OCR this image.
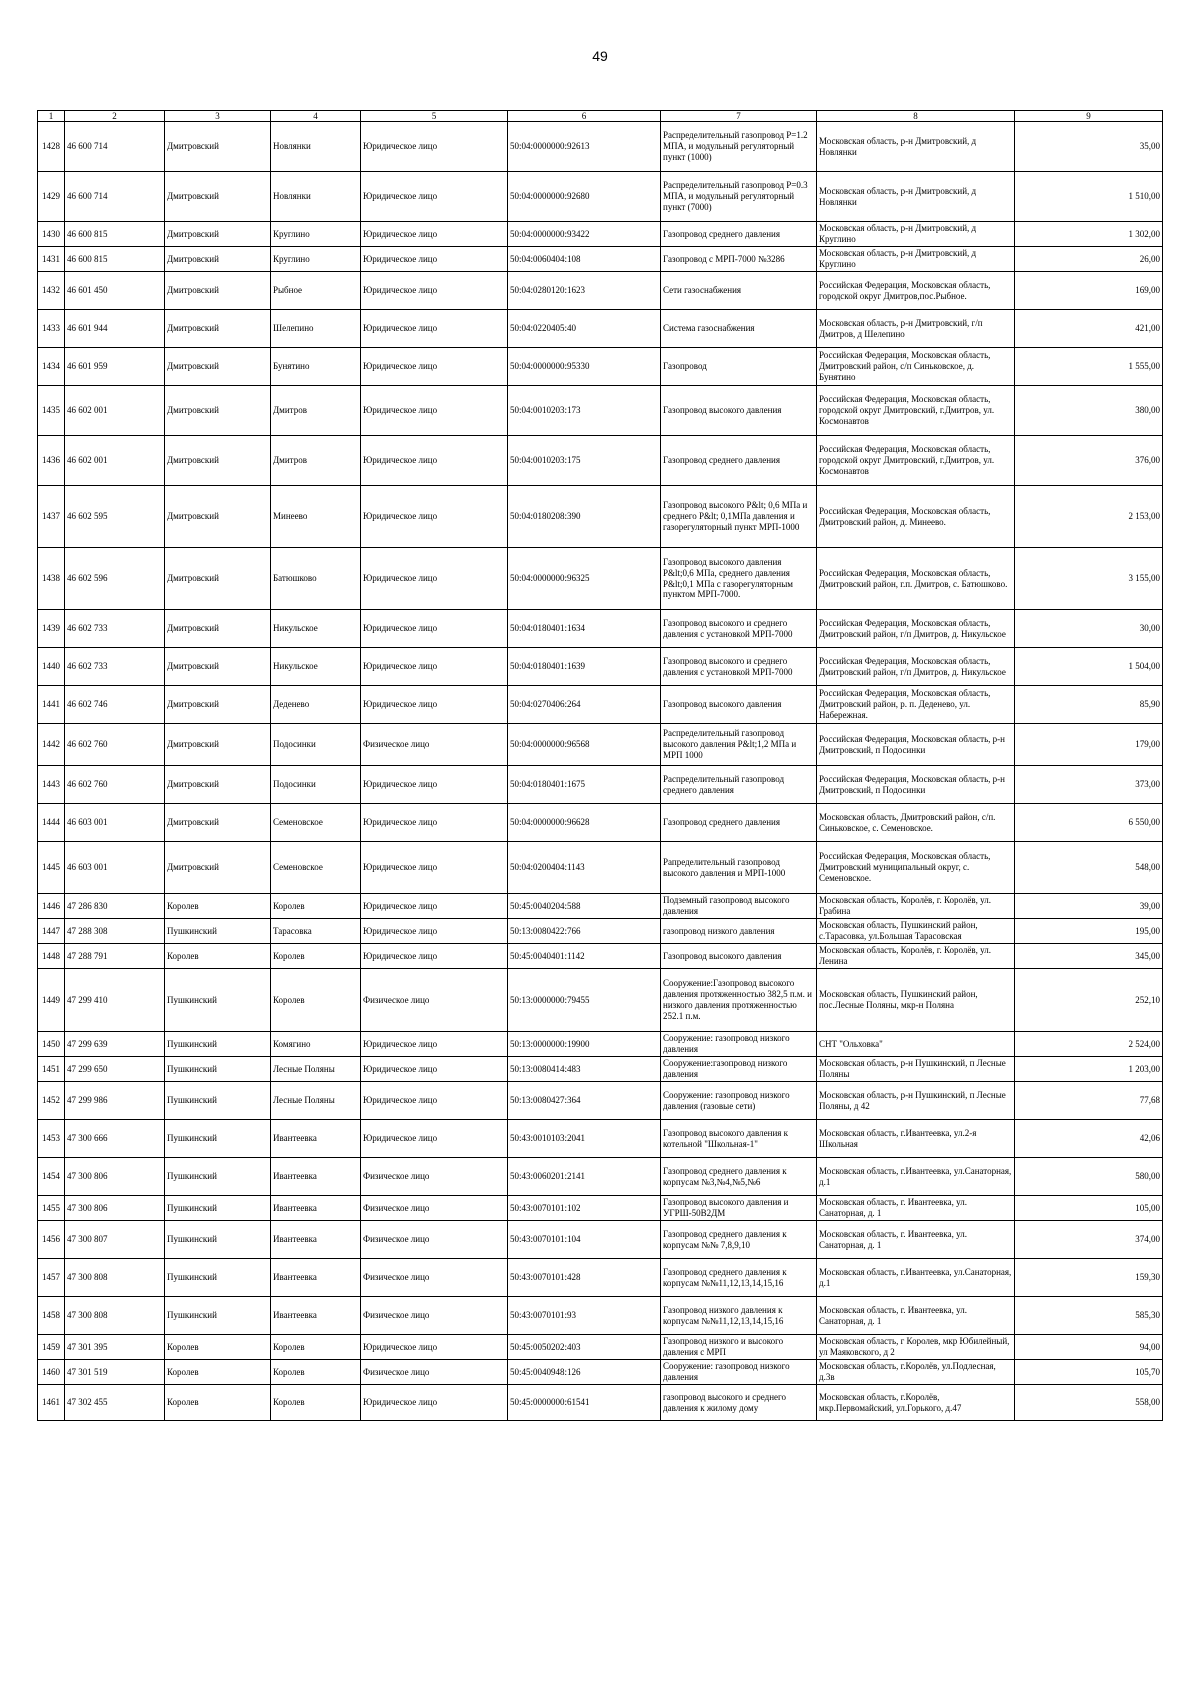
49
1	2	3	4	5	6	7	8	9
1428	46 600 714	Дмитровский	Новлянки	Юридическое лицо	50:04:0000000:92613	Распределительный газопровод Р=1.2 МПА, и модульный регуляторный пункт (1000)	Московская область, р-н Дмитровский, д Новлянки	35,00
1429	46 600 714	Дмитровский	Новлянки	Юридическое лицо	50:04:0000000:92680	Распределительный газопровод Р=0.3 МПА, и модульный регуляторный пункт (7000)	Московская область, р-н Дмитровский, д Новлянки	1 510,00
1430	46 600 815	Дмитровский	Круглино	Юридическое лицо	50:04:0000000:93422	Газопровод среднего давления	Московская область, р-н Дмитровский, д Круглино	1 302,00
1431	46 600 815	Дмитровский	Круглино	Юридическое лицо	50:04:0060404:108	Газопровод с МРП-7000 №3286	Московская область, р-н Дмитровский, д Круглино	26,00
1432	46 601 450	Дмитровский	Рыбное	Юридическое лицо	50:04:0280120:1623	Сети газоснабжения	Российская Федерация, Московская область, городской округ Дмитров,пос.Рыбное.	169,00
1433	46 601 944	Дмитровский	Шелепино	Юридическое лицо	50:04:0220405:40	Система газоснабжения	Московская область, р-н Дмитровский, г/п Дмитров, д Шелепино	421,00
1434	46 601 959	Дмитровский	Бунятино	Юридическое лицо	50:04:0000000:95330	Газопровод	Российская Федерация, Московская область, Дмитровский район, с/п Синьковское, д. Бунятино	1 555,00
1435	46 602 001	Дмитровский	Дмитров	Юридическое лицо	50:04:0010203:173	Газопровод высокого давления	Российская Федерация, Московская область, городской округ Дмитровский, г.Дмитров, ул. Космонавтов	380,00
1436	46 602 001	Дмитровский	Дмитров	Юридическое лицо	50:04:0010203:175	Газопровод среднего давления	Российская Федерация, Московская область, городской округ Дмитровский, г.Дмитров, ул. Космонавтов	376,00
1437	46 602 595	Дмитровский	Минеево	Юридическое лицо	50:04:0180208:390	Газопровод высокого P&lt; 0,6 МПа и среднего P&lt; 0,1МПа давления и газорегуляторный пункт МРП-1000	Российская Федерация, Московская область, Дмитровский район, д. Минеево.	2 153,00
1438	46 602 596	Дмитровский	Батюшково	Юридическое лицо	50:04:0000000:96325	Газопровод высокого давления P&lt;0,6 МПа, среднего давления P&lt;0,1 МПа с газорегуляторным пунктом МРП-7000.	Российская Федерация, Московская область, Дмитровский район, г.п. Дмитров, с. Батюшково.	3 155,00
1439	46 602 733	Дмитровский	Никульское	Юридическое лицо	50:04:0180401:1634	Газопровод высокого и среднего давления с установкой МРП-7000	Российская Федерация, Московская область, Дмитровский район, г/п Дмитров, д. Никульское	30,00
1440	46 602 733	Дмитровский	Никульское	Юридическое лицо	50:04:0180401:1639	Газопровод высокого и среднего давления с установкой МРП-7000	Российская Федерация, Московская область, Дмитровский район, г/п Дмитров, д. Никульское	1 504,00
1441	46 602 746	Дмитровский	Деденево	Юридическое лицо	50:04:0270406:264	Газопровод высокого давления	Российская Федерация, Московская область, Дмитровский район, р. п. Деденево, ул. Набережная.	85,90
1442	46 602 760	Дмитровский	Подосинки	Физическое лицо	50:04:0000000:96568	Распределительный газопровод высокого давления P&lt;1,2 МПа и МРП 1000	Российская Федерация, Московская область, р-н Дмитровский, п Подосинки	179,00
1443	46 602 760	Дмитровский	Подосинки	Юридическое лицо	50:04:0180401:1675	Распределительный газопровод среднего давления	Российская Федерация, Московская область, р-н Дмитровский, п Подосинки	373,00
1444	46 603 001	Дмитровский	Семеновское	Юридическое лицо	50:04:0000000:96628	Газопровод среднего давления	Московская область, Дмитровский район, с/п. Синьковское, с. Семеновское.	6 550,00
1445	46 603 001	Дмитровский	Семеновское	Юридическое лицо	50:04:0200404:1143	Рапределительный газопровод высокого давления и МРП-1000	Российская Федерация, Московская область, Дмитровский муниципальный округ, с. Семеновское.	548,00
1446	47 286 830	Королев	Королев	Юридическое лицо	50:45:0040204:588	Подземный газопровод высокого давления	Московская область, Королёв, г. Королёв, ул. Грабина	39,00
1447	47 288 308	Пушкинский	Тарасовка	Юридическое лицо	50:13:0080422:766	газопровод низкого давления	Московская область, Пушкинский район, с.Тарасовка, ул.Большая Тарасовская	195,00
1448	47 288 791	Королев	Королев	Юридическое лицо	50:45:0040401:1142	Газопровод высокого давления	Московская область, Королёв, г. Королёв, ул. Ленина	345,00
1449	47 299 410	Пушкинский	Королев	Физическое лицо	50:13:0000000:79455	Сооружение:Газопровод высокого давления протяженностью 382,5 п.м. и низкого давления протяженностью 252.1 п.м.	Московская область, Пушкинский район, пос.Лесные Поляны, мкр-н Поляна	252,10
1450	47 299 639	Пушкинский	Комягино	Юридическое лицо	50:13:0000000:19900	Сооружение: газопровод низкого давления	СНТ "Ольховка"	2 524,00
1451	47 299 650	Пушкинский	Лесные Поляны	Юридическое лицо	50:13:0080414:483	Сооружение:газопровод низкого давления	Московская область, р-н Пушкинский, п Лесные Поляны	1 203,00
1452	47 299 986	Пушкинский	Лесные Поляны	Юридическое лицо	50:13:0080427:364	Сооружение: газопровод низкого давления (газовые сети)	Московская область, р-н Пушкинский, п Лесные Поляны, д 42	77,68
1453	47 300 666	Пушкинский	Ивантеевка	Юридическое лицо	50:43:0010103:2041	Газопровод высокого давления к котельной "Школьная-1"	Московская область, г.Ивантеевка, ул.2-я Школьная	42,06
1454	47 300 806	Пушкинский	Ивантеевка	Физическое лицо	50:43:0060201:2141	Газопровод среднего давления к корпусам №3,№4,№5,№6	Московская область, г.Ивантеевка, ул.Санаторная, д.1	580,00
1455	47 300 806	Пушкинский	Ивантеевка	Физическое лицо	50:43:0070101:102	Газопровод высокого давления и УГРШ-50В2ДМ	Московская область, г. Ивантеевка, ул. Санаторная, д. 1	105,00
1456	47 300 807	Пушкинский	Ивантеевка	Физическое лицо	50:43:0070101:104	Газопровод среднего давления к корпусам №№ 7,8,9,10	Московская область, г. Ивантеевка, ул. Санаторная, д. 1	374,00
1457	47 300 808	Пушкинский	Ивантеевка	Физическое лицо	50:43:0070101:428	Газопровод среднего давления к корпусам №№11,12,13,14,15,16	Московская область, г.Ивантеевка, ул.Санаторная, д.1	159,30
1458	47 300 808	Пушкинский	Ивантеевка	Физическое лицо	50:43:0070101:93	Газопровод низкого давления к корпусам №№11,12,13,14,15,16	Московская область, г. Ивантеевка, ул. Санаторная, д. 1	585,30
1459	47 301 395	Королев	Королев	Юридическое лицо	50:45:0050202:403	Газопровод низкого и высокого давления с МРП	Московская область, г Королев, мкр Юбилейный, ул Маяковского, д 2	94,00
1460	47 301 519	Королев	Королев	Физическое лицо	50:45:0040948:126	Сооружение: газопровод низкого давления	Московская область, г.Королёв, ул.Подлесная, д.3в	105,70
1461	47 302 455	Королев	Королев	Юридическое лицо	50:45:0000000:61541	газопровод высокого и среднего давления к жилому дому	Московская область, г.Королёв, мкр.Первомайский, ул.Горького, д.47	558,00
